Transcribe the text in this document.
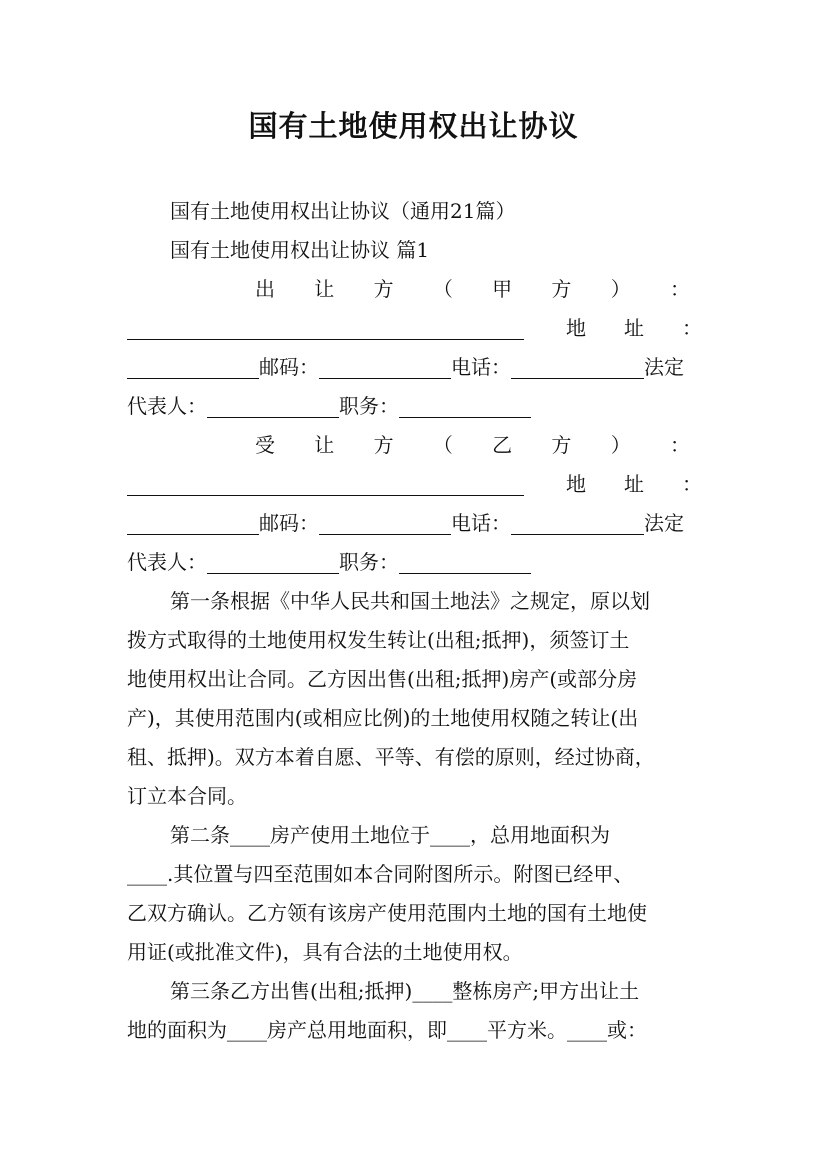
国有土地使用权出让协议
国有土地使用权出让协议（通用21篇）
国有土地使用权出让协议 篇1
出 让 方 （ 甲 方 ） ：
地 址 ：
邮码：	电话：	法定
代表人：	职务：
受 让 方 （ 乙 方 ） ：
地 址 ：
邮码：	电话：	法定
代表人：	职务：
第一条根据《中华人民共和国土地法》之规定，原以划
拨方式取得的土地使用权发生转让(出租;抵押)，须签订土
地使用权出让合同。乙方因出售(出租;抵押)房产(或部分房
产)，其使用范围内(或相应比例)的土地使用权随之转让(出
租、抵押)。双方本着自愿、平等、有偿的原则，经过协商，
订立本合同。
第二条____房产使用土地位于____，总用地面积为
____.其位置与四至范围如本合同附图所示。附图已经甲、
乙双方确认。乙方领有该房产使用范围内土地的国有土地使
用证(或批准文件)，具有合法的土地使用权。
第三条乙方出售(出租;抵押)____整栋房产;甲方出让土
地的面积为____房产总用地面积，即____平方米。____或：
